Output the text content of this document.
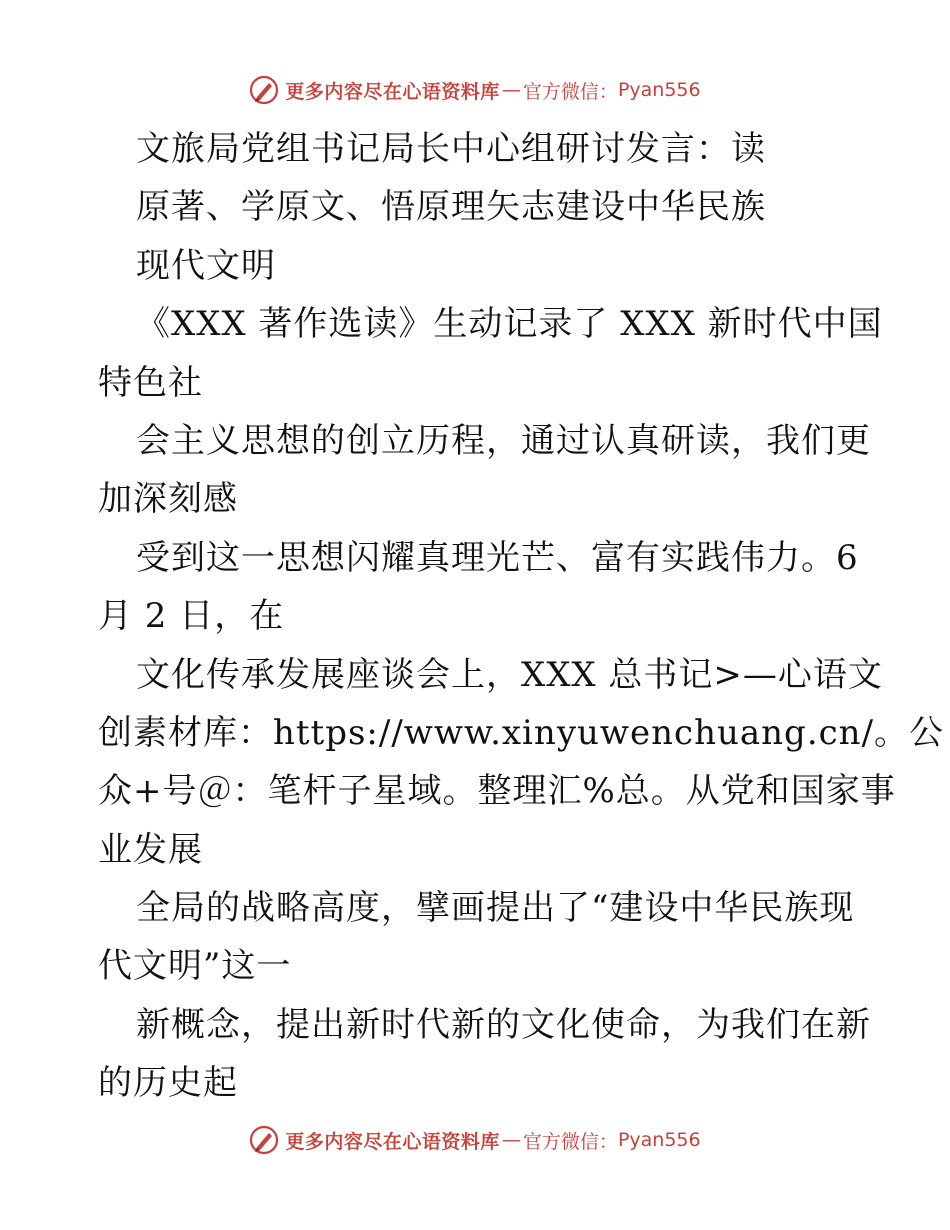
更多内容尽在心语资料库 — 官方微信： Pyan556
文旅局党组书记局长中心组研讨发言：读
原著、学原文、悟原理矢志建设中华民族
现代文明
《XXX 著作选读》生动记录了 XXX 新时代中国
特色社
会主义思想的创立历程，通过认真研读，我们更
加深刻感
受到这一思想闪耀真理光芒、富有实践伟力。6
月 2 日，在
文化传承发展座谈会上，XXX 总书记>—心语文
创素材库：https://www.xinyuwenchuang.cn/。公
众+号＠：笔杆子星域。整理汇%总。从党和国家事
业发展
全局的战略高度，擘画提出了“建设中华民族现
代文明”这一
新概念，提出新时代新的文化使命，为我们在新
的历史起
更多内容尽在心语资料库 — 官方微信： Pyan556
